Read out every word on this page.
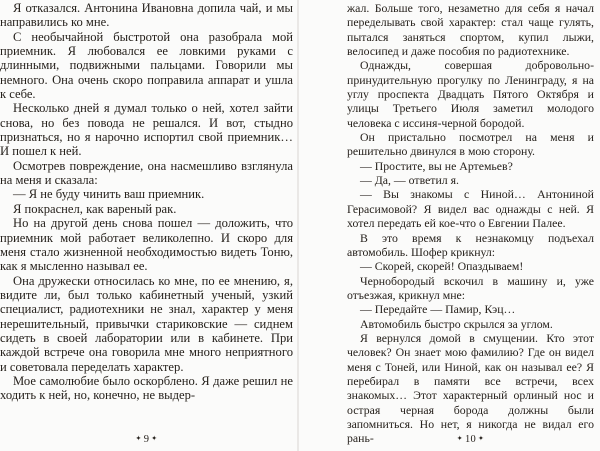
Я отказался. Антонина Ивановна допила чай, и мы направились ко мне.

С необычайной быстротой она разобрала мой приемник. Я любовался ее ловкими руками с длинными, подвижными пальцами. Говорили мы немного. Она очень скоро поправила аппарат и ушла к себе.

Несколько дней я думал только о ней, хотел зайти снова, но без повода не решался. И вот, стыдно признаться, но я нарочно испортил свой приемник… И пошел к ней.

Осмотрев повреждение, она насмешливо взглянула на меня и сказала:

— Я не буду чинить ваш приемник.

Я покраснел, как вареный рак.

Но на другой день снова пошел — доложить, что приемник мой работает великолепно. И скоро для меня стало жизненной необходимостью видеть Тоню, как я мысленно называл ее.

Она дружески относилась ко мне, по ее мнению, я, видите ли, был только кабинетный ученый, узкий специалист, радиотехники не знал, характер у меня нерешительный, привычки стариковские — сиднем сидеть в своей лаборатории или в кабинете. При каждой встрече она говорила мне много неприятного и советовала переделать характер.

Мое самолюбие было оскорблено. Я даже решил не ходить к ней, но, конечно, не выдер-

✦ 9 ✦

жал. Больше того, незаметно для себя я начал переделывать свой характер: стал чаще гулять, пытался заняться спортом, купил лыжи, велосипед и даже пособия по радиотехнике.

Однажды, совершая добровольно-принудительную прогулку по Ленинграду, я на углу проспекта Двадцать Пятого Октября и улицы Третьего Июля заметил молодого человека с иссиня-черной бородой.

Он пристально посмотрел на меня и решительно двинулся в мою сторону.

— Простите, вы не Артемьев?

— Да, — ответил я.

— Вы знакомы с Ниной… Антониной Герасимовой? Я видел вас однажды с ней. Я хотел передать ей кое-что о Евгении Палее.

В это время к незнакомцу подъехал автомобиль. Шофер крикнул:

— Скорей, скорей! Опаздываем!

Чернобородый вскочил в машину и, уже отъезжая, крикнул мне:

— Передайте — Памир, Кэц…

Автомобиль быстро скрылся за углом.

Я вернулся домой в смущении. Кто этот человек? Он знает мою фамилию? Где он видел меня с Тоней, или Ниной, как он называл ее? Я перебирал в памяти все встречи, всех знакомых… Этот характерный орлиный нос и острая черная борода должны были запомниться. Но нет, я никогда не видал его рань-	✦ 10 ✦
